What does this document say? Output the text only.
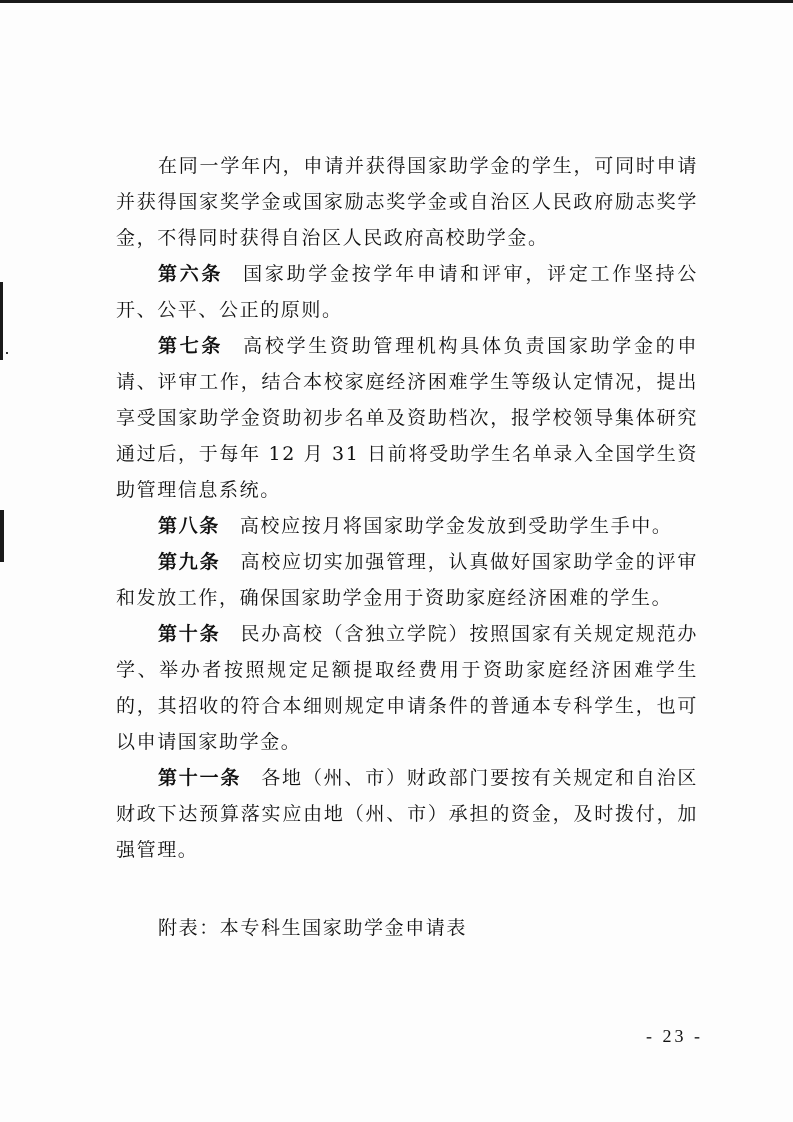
在同一学年内，申请并获得国家助学金的学生，可同时申请并获得国家奖学金或国家励志奖学金或自治区人民政府励志奖学金，不得同时获得自治区人民政府高校助学金。

第六条 国家助学金按学年申请和评审，评定工作坚持公开、公平、公正的原则。

第七条 高校学生资助管理机构具体负责国家助学金的申请、评审工作，结合本校家庭经济困难学生等级认定情况，提出享受国家助学金资助初步名单及资助档次，报学校领导集体研究通过后，于每年 12 月 31 日前将受助学生名单录入全国学生资助管理信息系统。

第八条 高校应按月将国家助学金发放到受助学生手中。

第九条 高校应切实加强管理，认真做好国家助学金的评审和发放工作，确保国家助学金用于资助家庭经济困难的学生。

第十条 民办高校（含独立学院）按照国家有关规定规范办学、举办者按照规定足额提取经费用于资助家庭经济困难学生的，其招收的符合本细则规定申请条件的普通本专科学生，也可以申请国家助学金。

第十一条 各地（州、市）财政部门要按有关规定和自治区财政下达预算落实应由地（州、市）承担的资金，及时拨付，加强管理。

附表：本专科生国家助学金申请表

- 23 -
